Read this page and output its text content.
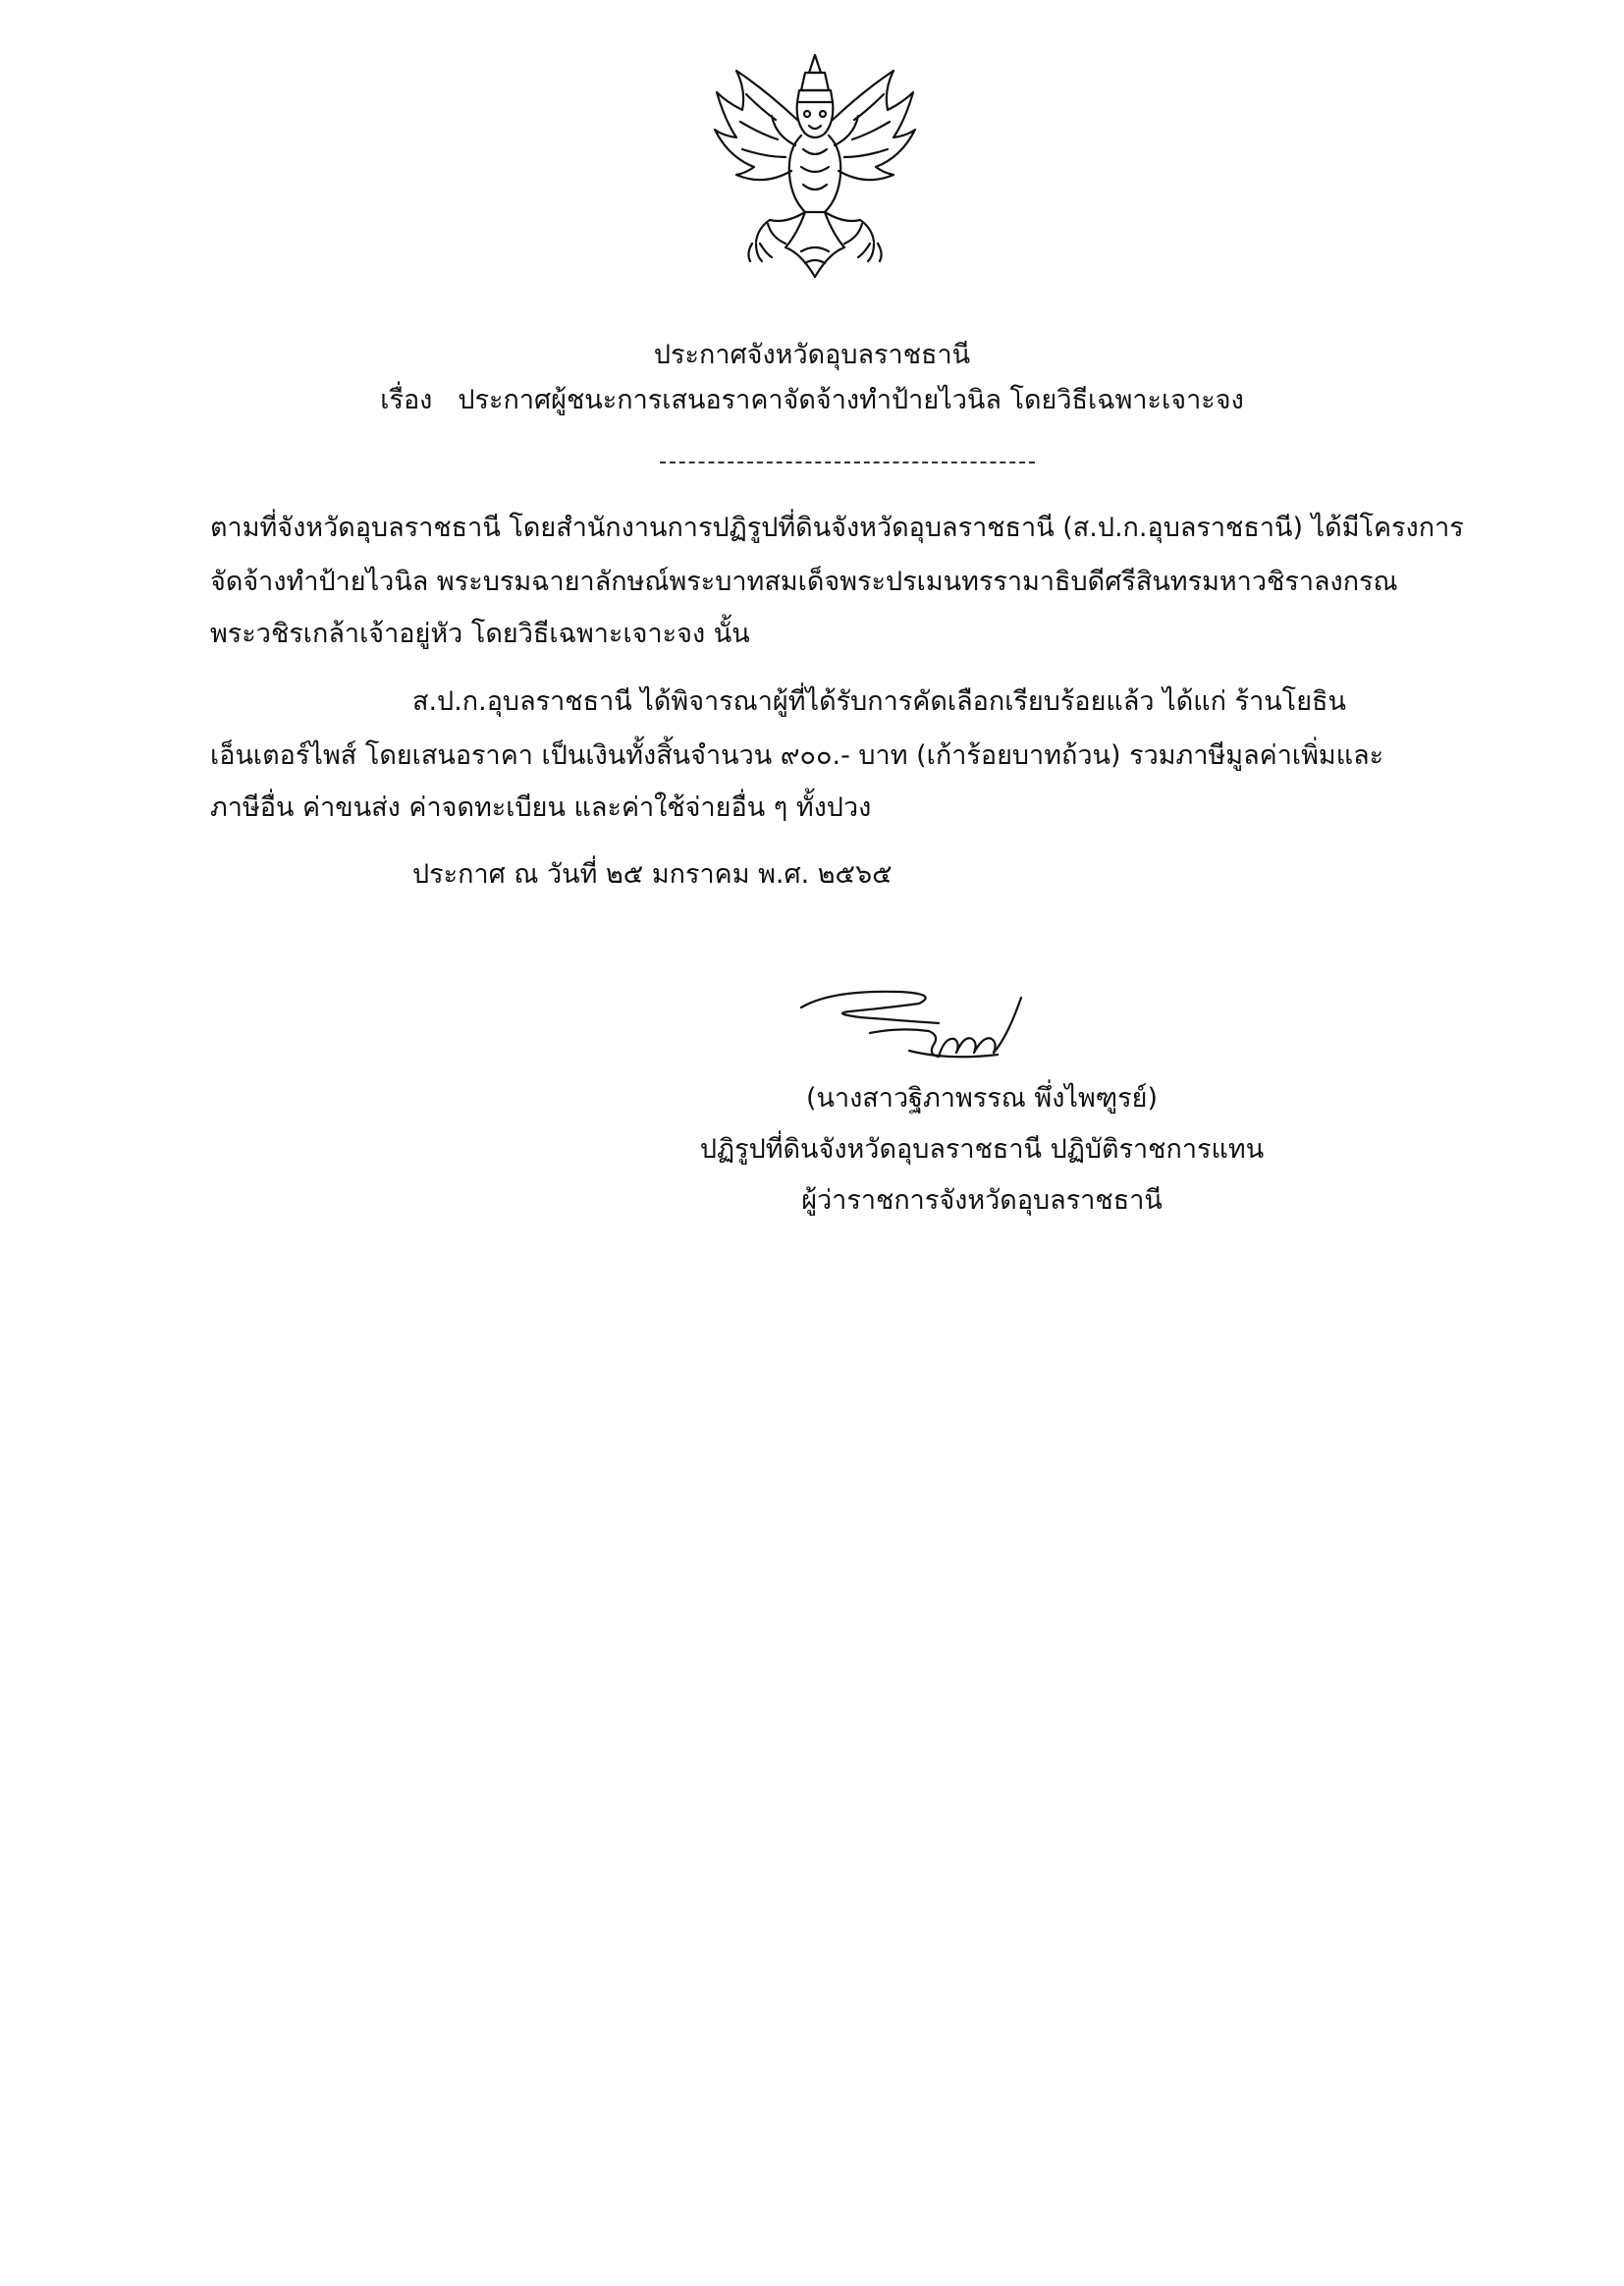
ประกาศจังหวัดอุบลราชธานี
เรื่อง ประกาศผู้ชนะการเสนอราคาจัดจ้างทำป้ายไวนิล โดยวิธีเฉพาะเจาะจง
ตามที่จังหวัดอุบลราชธานี โดยสำนักงานการปฏิรูปที่ดินจังหวัดอุบลราชธานี (ส.ป.ก.อุบลราชธานี) ได้มีโครงการ
จัดจ้างทำป้ายไวนิล พระบรมฉายาลักษณ์พระบาทสมเด็จพระปรเมนทรรามาธิบดีศรีสินทรมหาวชิราลงกรณ
พระวชิรเกล้าเจ้าอยู่หัว โดยวิธีเฉพาะเจาะจง นั้น
ส.ป.ก.อุบลราชธานี ได้พิจารณาผู้ที่ได้รับการคัดเลือกเรียบร้อยแล้ว ได้แก่ ร้านโยธิน
เอ็นเตอร์ไพส์ โดยเสนอราคา เป็นเงินทั้งสิ้นจำนวน ๙๐๐.- บาท (เก้าร้อยบาทถ้วน) รวมภาษีมูลค่าเพิ่มและ
ภาษีอื่น ค่าขนส่ง ค่าจดทะเบียน และค่าใช้จ่ายอื่น ๆ ทั้งปวง
ประกาศ ณ วันที่ ๒๕ มกราคม พ.ศ. ๒๕๖๕
(นางสาวฐิภาพรรณ พึ่งไพฑูรย์)
ปฏิรูปที่ดินจังหวัดอุบลราชธานี ปฏิบัติราชการแทน
ผู้ว่าราชการจังหวัดอุบลราชธานี
